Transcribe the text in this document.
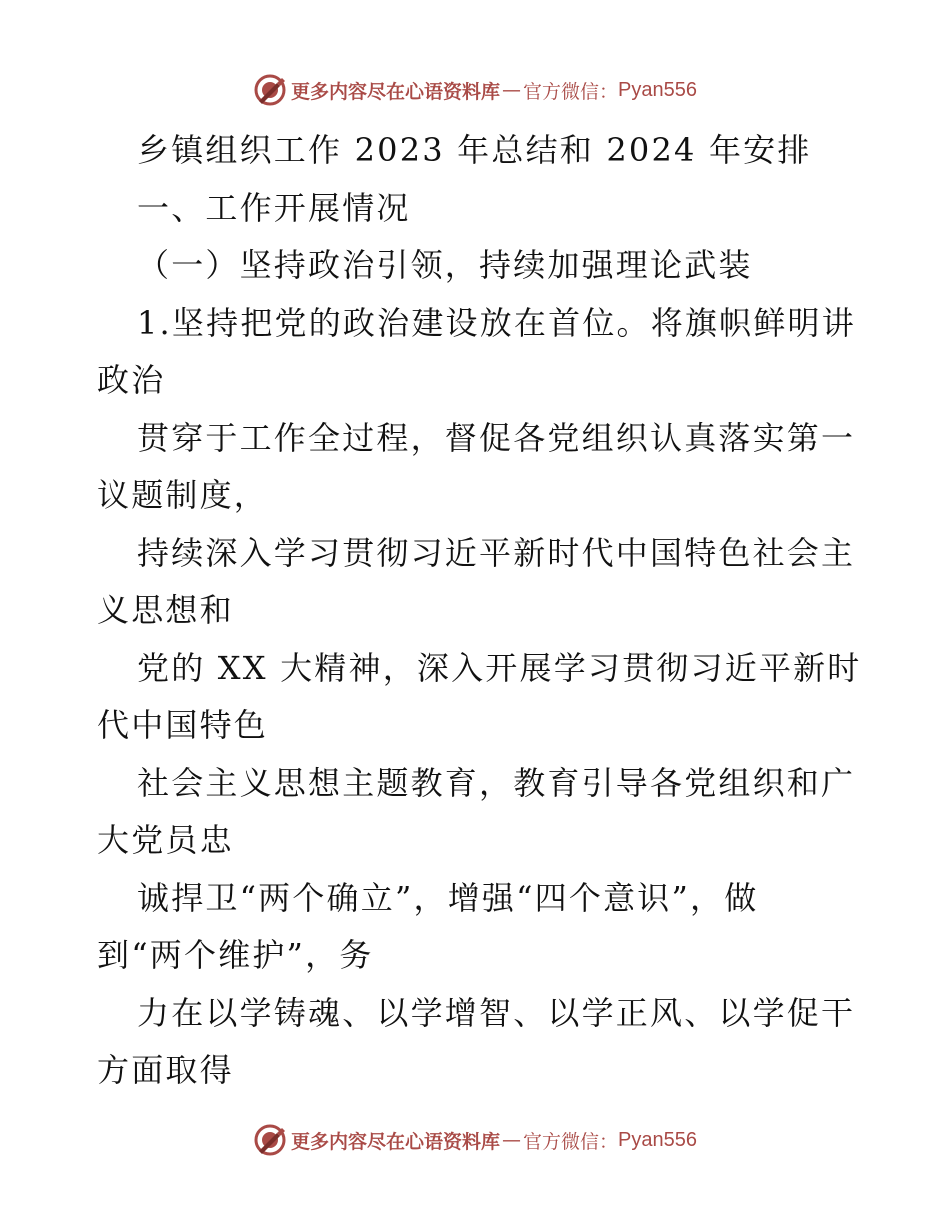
更多内容尽在心语资料库 — 官方微信： Pyan556
乡镇组织工作 2023 年总结和 2024 年安排
一、工作开展情况
（一）坚持政治引领，持续加强理论武装
1.坚持把党的政治建设放在首位。将旗帜鲜明讲
政治
贯穿于工作全过程，督促各党组织认真落实第一
议题制度，
持续深入学习贯彻习近平新时代中国特色社会主
义思想和
党的 XX 大精神，深入开展学习贯彻习近平新时
代中国特色
社会主义思想主题教育，教育引导各党组织和广
大党员忠
诚捍卫“两个确立”，增强“四个意识”，做
到“两个维护”，务
力在以学铸魂、以学增智、以学正风、以学促干
方面取得
更多内容尽在心语资料库 — 官方微信： Pyan556
